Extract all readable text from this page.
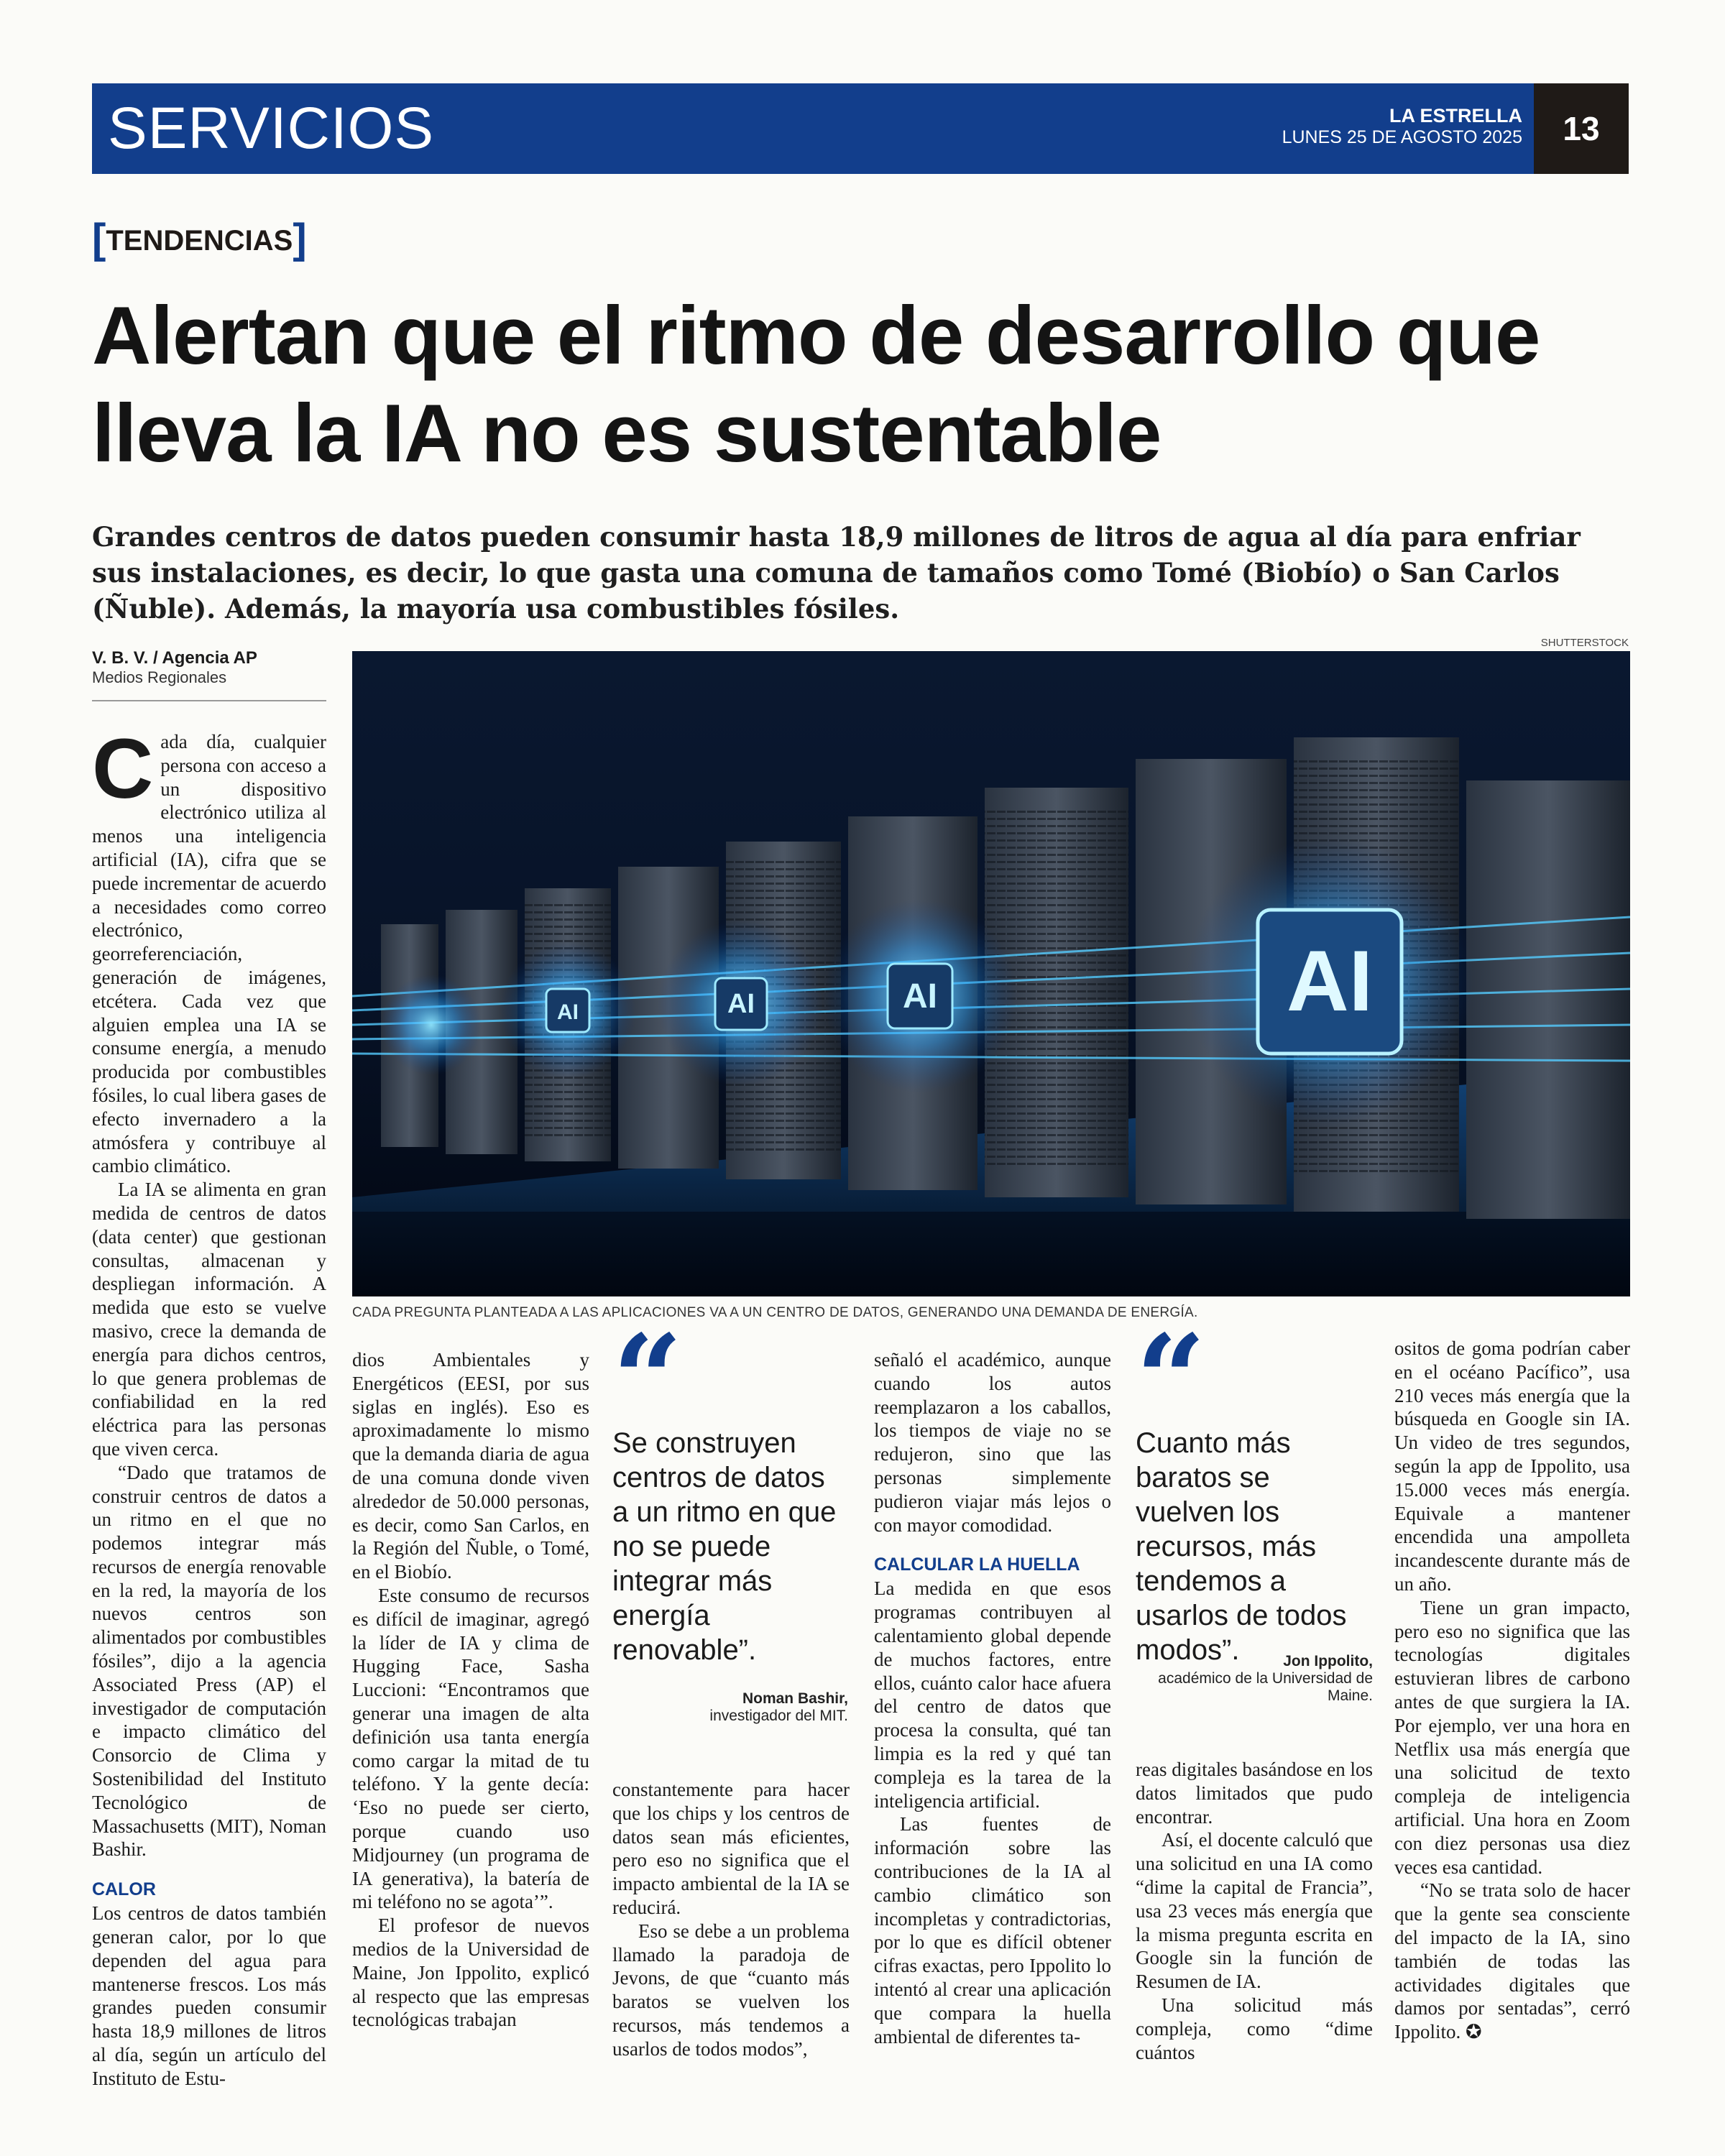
SERVICIOS	LA ESTRELLA
LUNES 25 DE AGOSTO 2025	13
[TENDENCIAS]
Alertan que el ritmo de desarrollo que lleva la IA no es sustentable
Grandes centros de datos pueden consumir hasta 18,9 millones de litros de agua al día para enfriar sus instalaciones, es decir, lo que gasta una comuna de tamaños como Tomé (Biobío) o San Carlos (Ñuble). Además, la mayoría usa combustibles fósiles.
V. B. V. / Agencia AP
Medios Regionales
SHUTTERSTOCK
AI	AI	AI	AI
CADA PREGUNTA PLANTEADA A LAS APLICACIONES VA A UN CENTRO DE DATOS, GENERANDO UNA DEMANDA DE ENERGÍA.

Cada día, cualquier persona con acceso a un dispositivo electrónico utiliza al menos una inteligencia artificial (IA), cifra que se puede incrementar de acuerdo a necesidades como correo electrónico, georreferenciación, generación de imágenes, etcétera. Cada vez que alguien emplea una IA se consume energía, a menudo producida por combustibles fósiles, lo cual libera gases de efecto invernadero a la atmósfera y contribuye al cambio climático.

La IA se alimenta en gran medida de centros de datos (data center) que gestionan consultas, almacenan y despliegan información. A medida que esto se vuelve masivo, crece la demanda de energía para dichos centros, lo que genera problemas de confiabilidad en la red eléctrica para las personas que viven cerca.

“Dado que tratamos de construir centros de datos a un ritmo en el que no podemos integrar más recursos de energía renovable en la red, la mayoría de los nuevos centros son alimentados por combustibles fósiles”, dijo a la agencia Associated Press (AP) el investigador de computación e impacto climático del Consorcio de Clima y Sostenibilidad del Instituto Tecnológico de Massachusetts (MIT), Noman Bashir.

CALOR

Los centros de datos también generan calor, por lo que dependen del agua para mantenerse frescos. Los más grandes pueden consumir hasta 18,9 millones de litros al día, según un artículo del Instituto de Estu-

dios Ambientales y Energéticos (EESI, por sus siglas en inglés). Eso es aproximadamente lo mismo que la demanda diaria de agua de una comuna donde viven alrededor de 50.000 personas, es decir, como San Carlos, en la Región del Ñuble, o Tomé, en el Biobío.

Este consumo de recursos es difícil de imaginar, agregó la líder de IA y clima de Hugging Face, Sasha Luccioni: “Encontramos que generar una imagen de alta definición usa tanta energía como cargar la mitad de tu teléfono. Y la gente decía: ‘Eso no puede ser cierto, porque cuando uso Midjourney (un programa de IA generativa), la batería de mi teléfono no se agota’”.

El profesor de nuevos medios de la Universidad de Maine, Jon Ippolito, explicó al respecto que las empresas tecnológicas trabajan

“
Se construyen centros de datos a un ritmo en que no se puede integrar más energía renovable”.
Noman Bashir,
investigador del MIT.

constantemente para hacer que los chips y los centros de datos sean más eficientes, pero eso no significa que el impacto ambiental de la IA se reducirá.

Eso se debe a un problema llamado la paradoja de Jevons, de que “cuanto más baratos se vuelven los recursos, más tendemos a usarlos de todos modos”,

señaló el académico, aunque cuando los autos reemplazaron a los caballos, los tiempos de viaje no se redujeron, sino que las personas simplemente pudieron viajar más lejos o con mayor comodidad.

CALCULAR LA HUELLA

La medida en que esos programas contribuyen al calentamiento global depende de muchos factores, entre ellos, cuánto calor hace afuera del centro de datos que procesa la consulta, qué tan limpia es la red y qué tan compleja es la tarea de la inteligencia artificial.

Las fuentes de información sobre las contribuciones de la IA al cambio climático son incompletas y contradictorias, por lo que es difícil obtener cifras exactas, pero Ippolito lo intentó al crear una aplicación que compara la huella ambiental de diferentes ta-

“
Cuanto más baratos se vuelven los recursos, más tendemos a usarlos de todos modos”.	Jon Ippolito,
académico de la Universidad de Maine.

reas digitales basándose en los datos limitados que pudo encontrar.

Así, el docente calculó que una solicitud en una IA como “dime la capital de Francia”, usa 23 veces más energía que la misma pregunta escrita en Google sin la función de Resumen de IA.

Una solicitud más compleja, como “dime cuántos

ositos de goma podrían caber en el océano Pacífico”, usa 210 veces más energía que la búsqueda en Google sin IA. Un video de tres segundos, según la app de Ippolito, usa 15.000 veces más energía. Equivale a mantener encendida una ampolleta incandescente durante más de un año.

Tiene un gran impacto, pero eso no significa que las tecnologías digitales estuvieran libres de carbono antes de que surgiera la IA. Por ejemplo, ver una hora en Netflix usa más energía que una solicitud de texto compleja de inteligencia artificial. Una hora en Zoom con diez personas usa diez veces esa cantidad.

“No se trata solo de hacer que la gente sea consciente del impacto de la IA, sino también de todas las actividades digitales que damos por sentadas”, cerró Ippolito. ✪
